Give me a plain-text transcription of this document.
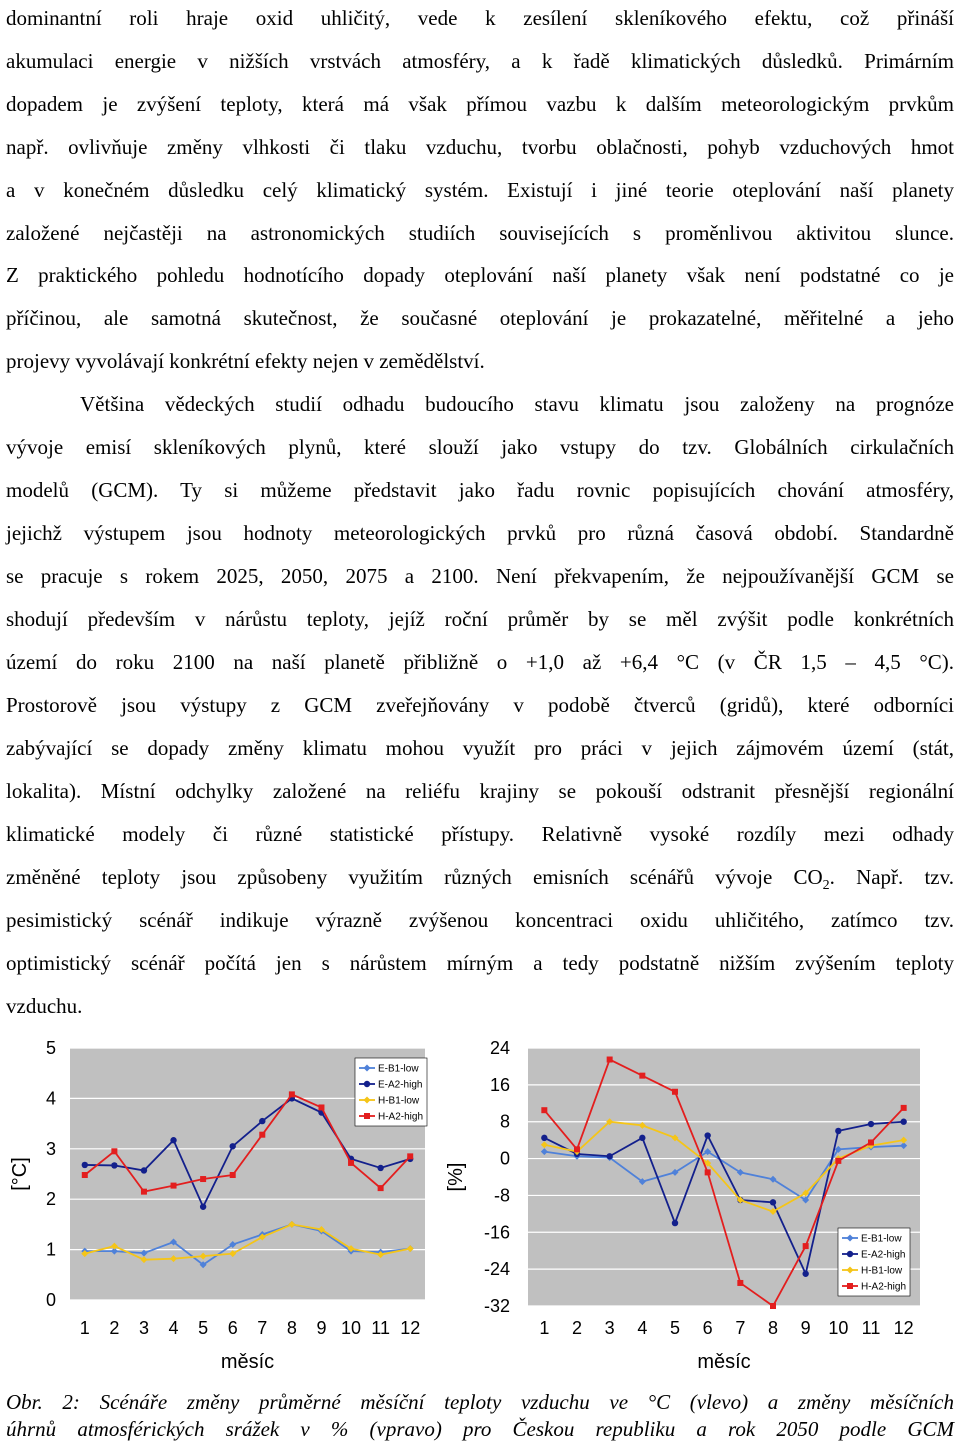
dominantní roli hraje oxid uhličitý, vede k zesílení skleníkového efektu, což přináší
akumulaci energie v nižších vrstvách atmosféry, a k řadě klimatických důsledků. Primárním
dopadem je zvýšení teploty, která má však přímou vazbu k dalším meteorologickým prvkům
např. ovlivňuje změny vlhkosti či tlaku vzduchu, tvorbu oblačnosti, pohyb vzduchových hmot
a v konečném důsledku celý klimatický systém. Existují i jiné teorie oteplování naší planety
založené nejčastěji na astronomických studiích souvisejících s proměnlivou aktivitou slunce.
Z praktického pohledu hodnotícího dopady oteplování naší planety však není podstatné co je
příčinou, ale samotná skutečnost, že současné oteplování je prokazatelné, měřitelné a jeho
projevy vyvolávají konkrétní efekty nejen v zemědělství.
Většina vědeckých studií odhadu budoucího stavu klimatu jsou založeny na prognóze
vývoje emisí skleníkových plynů, které slouží jako vstupy do tzv. Globálních cirkulačních
modelů (GCM). Ty si můžeme představit jako řadu rovnic popisujících chování atmosféry,
jejichž výstupem jsou hodnoty meteorologických prvků pro různá časová období. Standardně
se pracuje s rokem 2025, 2050, 2075 a 2100. Není překvapením, že nejpoužívanější GCM se
shodují především v nárůstu teploty, jejíž roční průměr by se měl zvýšit podle konkrétních
území do roku 2100 na naší planetě přibližně o +1,0 až +6,4 °C (v ČR 1,5 – 4,5 °C).
Prostorově jsou výstupy z GCM zveřejňovány v podobě čtverců (gridů), které odborníci
zabývající se dopady změny klimatu mohou využít pro práci v jejich zájmovém území (stát,
lokalita). Místní odchylky založené na reliéfu krajiny se pokouší odstranit přesnější regionální
klimatické modely či různé statistické přístupy. Relativně vysoké rozdíly mezi odhady
změněné teploty jsou způsobeny využitím různých emisních scénářů vývoje $CO_2$. Např. tzv.
pesimistický scénář indikuje výrazně zvýšenou koncentraci oxidu uhličitého, zatímco tzv.
optimistický scénář počítá jen s nárůstem mírným a tedy podstatně nižším zvýšením teploty
vzduchu.
0
1
2
3
4
5
1 2 3 4 5 6 7 8 9 10 11 12
měsíc
[°C]
E-B1-low
E-A2-high
H-B1-low
H-A2-high
-32
-24
-16
-8
0
8
16
24
1 2 3 4 5 6 7 8 9 10 11 12
měsíc
[%]
E-B1-low
E-A2-high
H-B1-low
H-A2-high
Obr. 2: Scénáře změny průměrné měsíční teploty vzduchu ve °C (vlevo) a změny měsíčních
úhrnů atmosférických srážek v % (vpravo) pro Českou republiku a rok 2050 podle GCM
